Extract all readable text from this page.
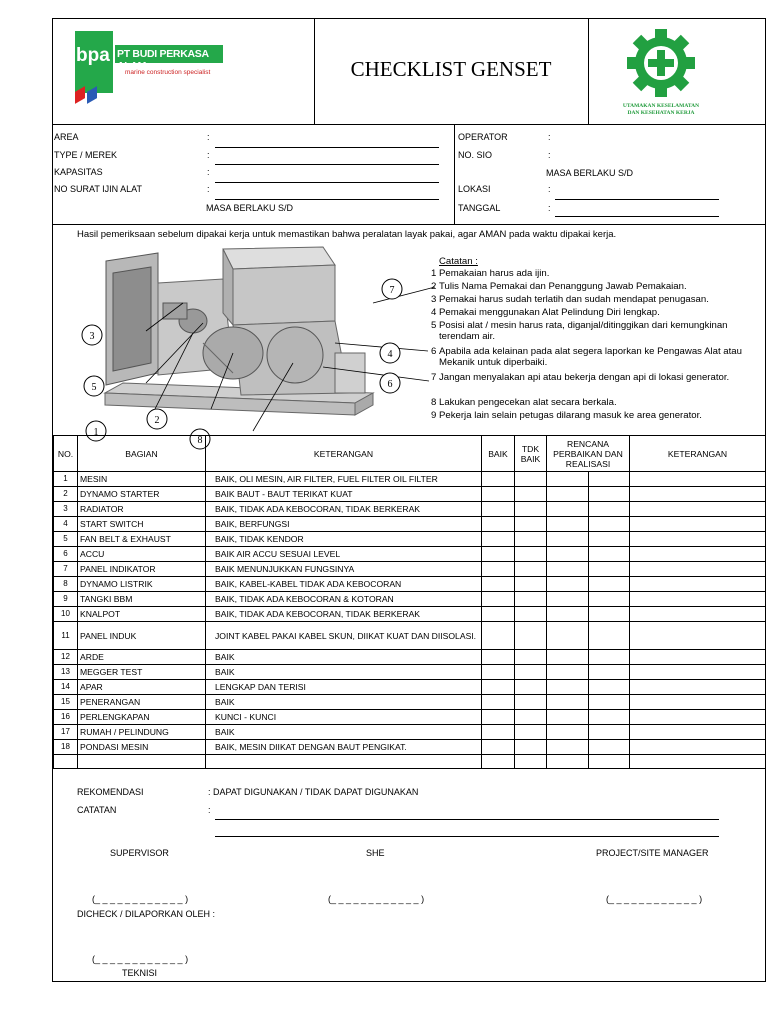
bpa PT BUDI PERKASA ALAM
marine construction specialist
UTAMAKAN KESELAMATAN
DAN KESEHATAN KERJA
CHECKLIST GENSET
AREA	:
TYPE / MEREK	:
KAPASITAS	:
NO SURAT IJIN ALAT	:
MASA BERLAKU S/D
OPERATOR	:
NO. SIO	:
MASA BERLAKU S/D
LOKASI	:
TANGGAL	:
Hasil pemeriksaan sebelum dipakai kerja untuk memastikan bahwa peralatan layak pakai, agar AMAN pada waktu dipakai kerja.
1
2
3
4
5	6
7
8
Catatan :
1 Pemakaian harus ada ijin.
2 Tulis Nama Pemakai dan Penanggung Jawab Pemakaian.
3 Pemakai harus sudah terlatih dan sudah mendapat penugasan.
4 Pemakai menggunakan Alat Pelindung Diri lengkap.
5 Posisi alat / mesin harus rata, diganjal/ditinggikan dari kemungkinan terendam air.
6 Apabila ada kelainan pada alat segera laporkan ke Pengawas Alat atau Mekanik untuk diperbaiki.
7 Jangan menyalakan api atau bekerja dengan api di lokasi generator.
8 Lakukan pengecekan alat secara berkala.
9 Pekerja lain selain petugas dilarang masuk ke area generator.
NO.	BAGIAN	KETERANGAN	BAIK	TDK BAIK	RENCANA PERBAIKAN DAN REALISASI		KETERANGAN
1	MESIN	BAIK, OLI MESIN, AIR FILTER, FUEL FILTER OIL FILTER					
2	DYNAMO STARTER	BAIK BAUT - BAUT TERIKAT KUAT					
3	RADIATOR	BAIK, TIDAK ADA KEBOCORAN, TIDAK BERKERAK					
4	START SWITCH	BAIK, BERFUNGSI					
5	FAN BELT & EXHAUST	BAIK, TIDAK KENDOR					
6	ACCU	BAIK AIR ACCU SESUAI LEVEL					
7	PANEL INDIKATOR	BAIK MENUNJUKKAN FUNGSINYA					
8	DYNAMO LISTRIK	BAIK, KABEL-KABEL TIDAK ADA KEBOCORAN					
9	TANGKI BBM	BAIK, TIDAK ADA KEBOCORAN & KOTORAN					
10	KNALPOT	BAIK, TIDAK ADA KEBOCORAN, TIDAK BERKERAK					
11	PANEL INDUK	JOINT KABEL PAKAI KABEL SKUN, DIIKAT KUAT DAN DIISOLASI.					
12	ARDE	BAIK					
13	MEGGER TEST	BAIK					
14	APAR	LENGKAP DAN TERISI					
15	PENERANGAN	BAIK					
16	PERLENGKAPAN	KUNCI - KUNCI					
17	RUMAH / PELINDUNG	BAIK					
18	PONDASI MESIN	BAIK, MESIN DIIKAT DENGAN BAUT PENGIKAT.					

REKOMENDASI	: DAPAT DIGUNAKAN / TIDAK DAPAT DIGUNAKAN
CATATAN	:
SUPERVISOR	SHE	PROJECT/SITE MANAGER
(_ _ _ _ _ _ _ _ _ _ _ _ )	(_ _ _ _ _ _ _ _ _ _ _ _ )	(_ _ _ _ _ _ _ _ _ _ _ _ )
DICHECK / DILAPORKAN OLEH :
(_ _ _ _ _ _ _ _ _ _ _ _ )
TEKNISI
